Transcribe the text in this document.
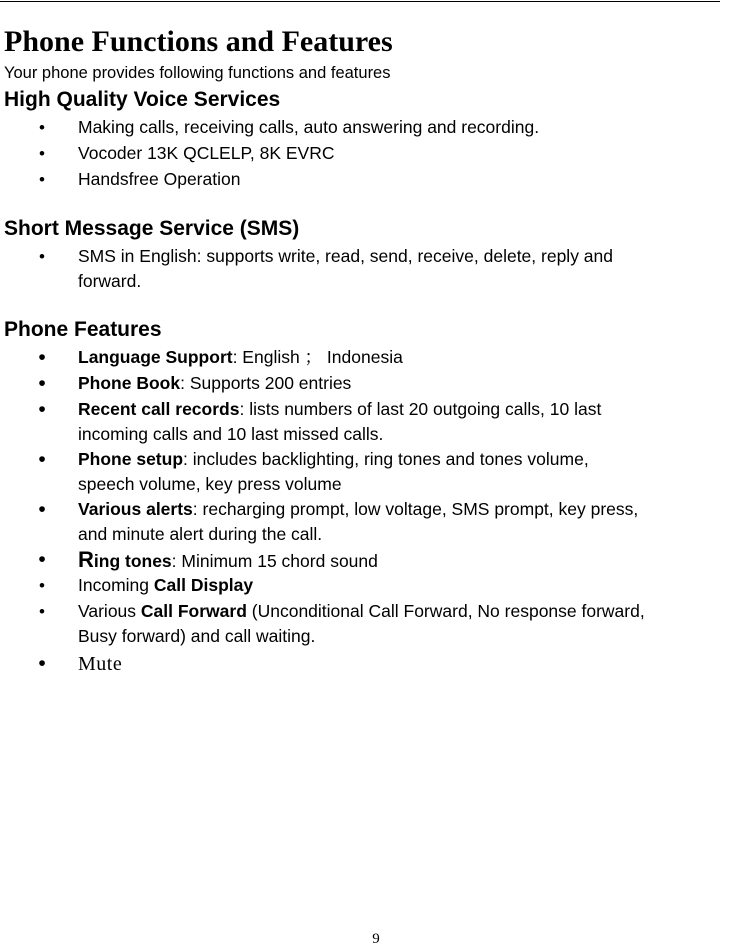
Phone Functions and Features
Your phone provides following functions and features
High Quality Voice Services
• Making calls, receiving calls, auto answering and recording.
• Vocoder 13K QCLELP, 8K EVRC
• Handsfree Operation
Short Message Service (SMS)
• SMS in English: supports write, read, send, receive, delete, reply and
forward.
Phone Features
• Language Support: English ； Indonesia
• Phone Book: Supports 200 entries
• Recent call records: lists numbers of last 20 outgoing calls, 10 last
incoming calls and 10 last missed calls.
• Phone setup: includes backlighting, ring tones and tones volume,
speech volume, key press volume
• Various alerts: recharging prompt, low voltage, SMS prompt, key press,
and minute alert during the call.
• Ring tones: Minimum 15 chord sound
• Incoming Call Display
• Various Call Forward (Unconditional Call Forward, No response forward,
Busy forward) and call waiting.
• Mute
9
